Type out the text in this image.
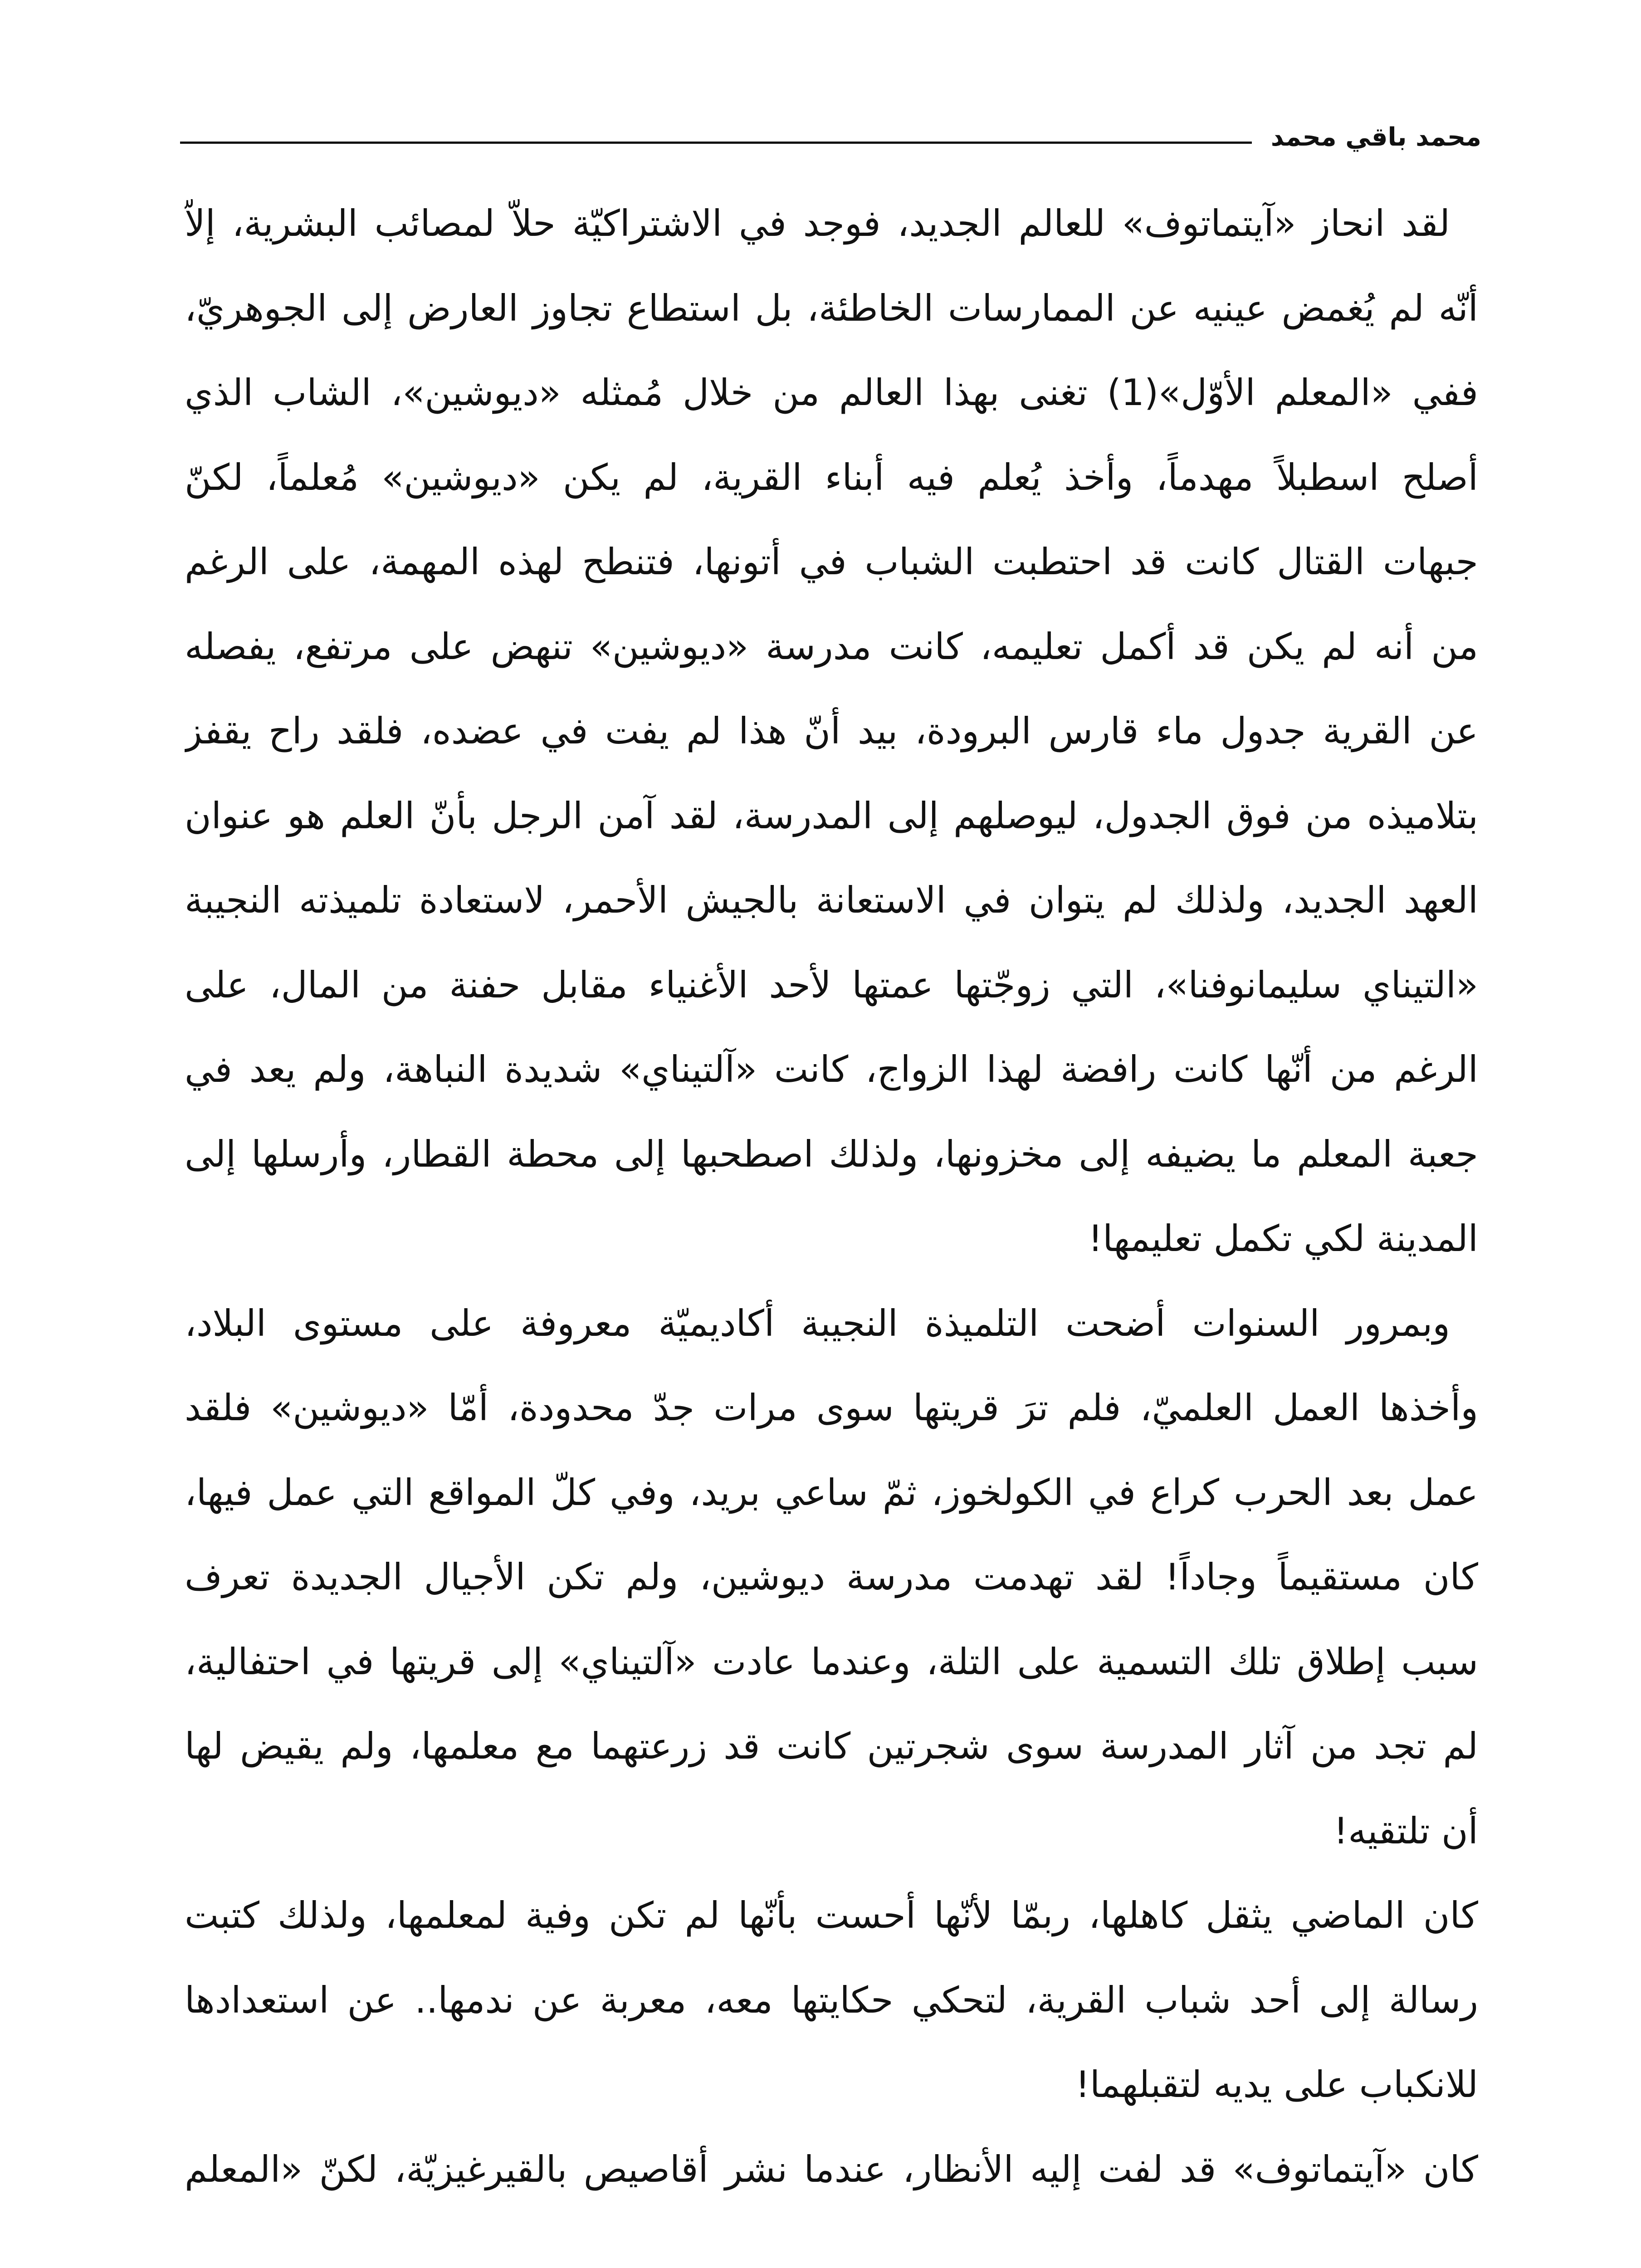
محمد باقي محمد
لقد انحاز «آيتماتوف» للعالم الجديد، فوجد في الاشتراكيّة حلاّ لمصائب البشرية، إلاّ
أنّه لم يُغمض عينيه عن الممارسات الخاطئة، بل استطاع تجاوز العارض إلى الجوهريّ،
ففي «المعلم الأوّل»(1) تغنى بهذا العالم من خلال مُمثله «ديوشين»، الشاب الذي
أصلح اسطبلاً مهدماً، وأخذ يُعلم فيه أبناء القرية، لم يكن «ديوشين» مُعلماً، لكنّ
جبهات القتال كانت قد احتطبت الشباب في أتونها، فتنطح لهذه المهمة، على الرغم
من أنه لم يكن قد أكمل تعليمه، كانت مدرسة «ديوشين» تنهض على مرتفع، يفصله
عن القرية جدول ماء قارس البرودة، بيد أنّ هذا لم يفت في عضده، فلقد راح يقفز
بتلاميذه من فوق الجدول، ليوصلهم إلى المدرسة، لقد آمن الرجل بأنّ العلم هو عنوان
العهد الجديد، ولذلك لم يتوان في الاستعانة بالجيش الأحمر، لاستعادة تلميذته النجيبة
«التيناي سليمانوفنا»، التي زوجّتها عمتها لأحد الأغنياء مقابل حفنة من المال، على
الرغم من أنّها كانت رافضة لهذا الزواج، كانت «آلتيناي» شديدة النباهة، ولم يعد في
جعبة المعلم ما يضيفه إلى مخزونها، ولذلك اصطحبها إلى محطة القطار، وأرسلها إلى
المدينة لكي تكمل تعليمها!
وبمرور السنوات أضحت التلميذة النجيبة أكاديميّة معروفة على مستوى البلاد،
وأخذها العمل العلميّ، فلم ترَ قريتها سوى مرات جدّ محدودة، أمّا «ديوشين» فلقد
عمل بعد الحرب كراع في الكولخوز، ثمّ ساعي بريد، وفي كلّ المواقع التي عمل فيها،
كان مستقيماً وجاداً! لقد تهدمت مدرسة ديوشين، ولم تكن الأجيال الجديدة تعرف
سبب إطلاق تلك التسمية على التلة، وعندما عادت «آلتيناي» إلى قريتها في احتفالية،
لم تجد من آثار المدرسة سوى شجرتين كانت قد زرعتهما مع معلمها، ولم يقيض لها
أن تلتقيه!
كان الماضي يثقل كاهلها، ربمّا لأنّها أحست بأنّها لم تكن وفية لمعلمها، ولذلك كتبت
رسالة إلى أحد شباب القرية، لتحكي حكايتها معه، معربة عن ندمها.. عن استعدادها
للانكباب على يديه لتقبلهما!
كان «آيتماتوف» قد لفت إليه الأنظار، عندما نشر أقاصيص بالقيرغيزيّة، لكنّ «المعلم
